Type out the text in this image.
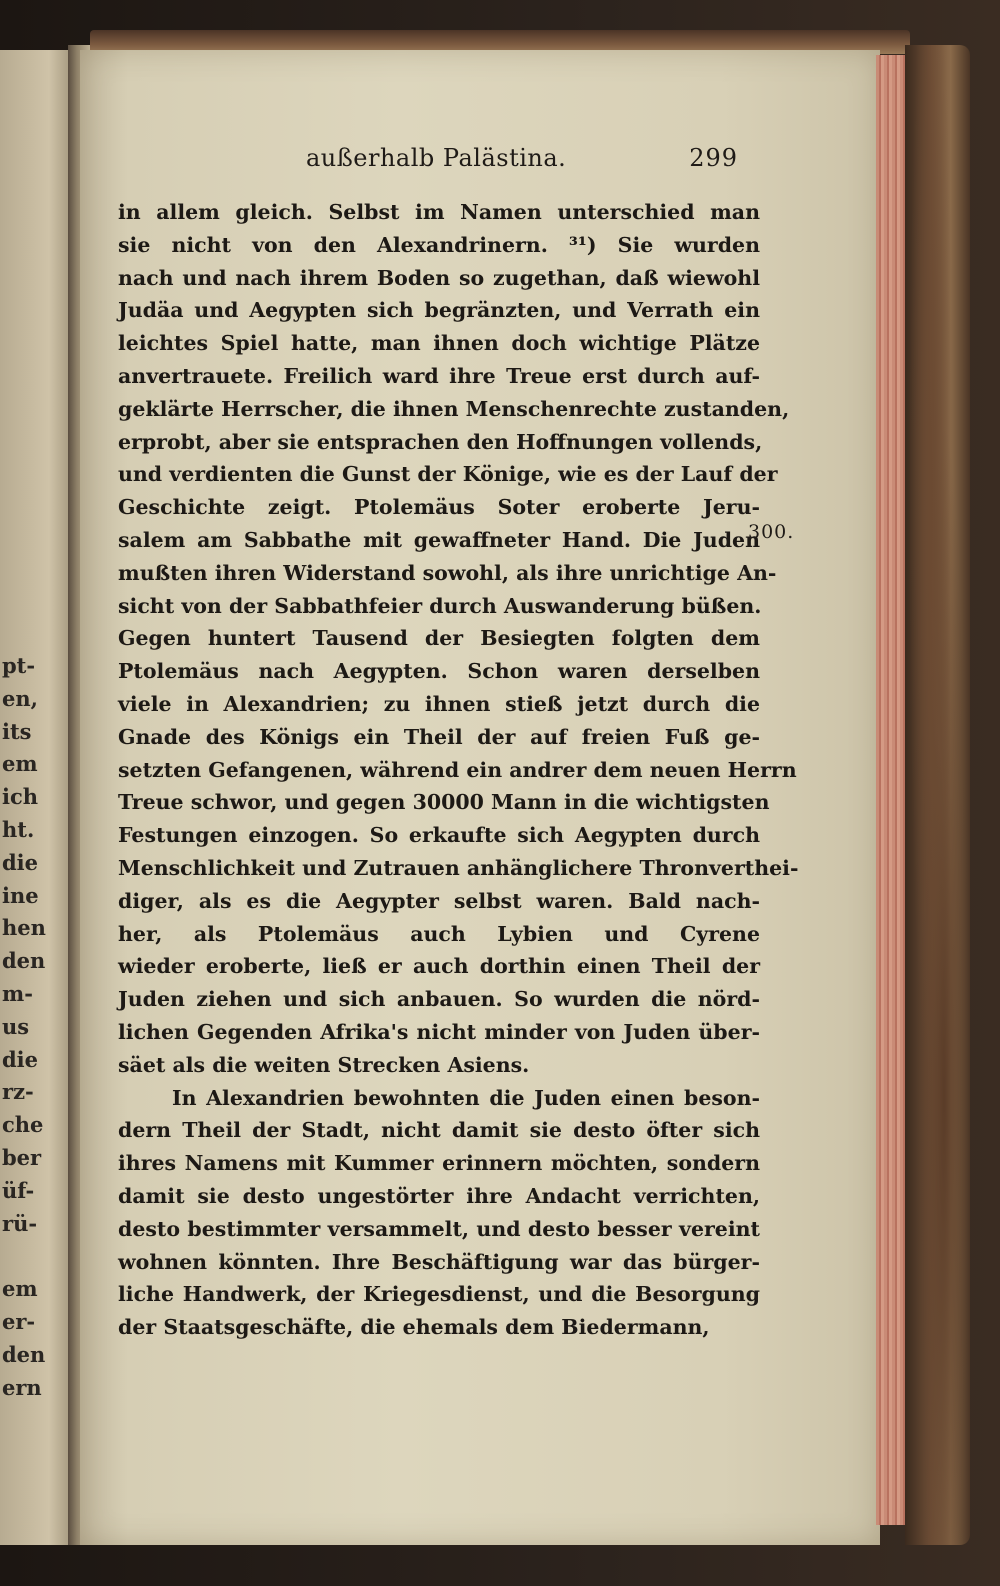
pt-
en,
its
em
ich
ht.
die
ine
hen
den
m-
us
die
rz-
che
ber
üf-
rü-
em
er-
den
ern
außerhalb Palästina.	299
in allem gleich. Selbst im Namen unterschied man
sie nicht von den Alexandrinern. ³¹) Sie wurden
nach und nach ihrem Boden so zugethan, daß wiewohl
Judäa und Aegypten sich begränzten, und Verrath ein
leichtes Spiel hatte, man ihnen doch wichtige Plätze
anvertrauete. Freilich ward ihre Treue erst durch auf-
geklärte Herrscher, die ihnen Menschenrechte zustanden,
erprobt, aber sie entsprachen den Hoffnungen vollends,
und verdienten die Gunst der Könige, wie es der Lauf der
Geschichte zeigt. Ptolemäus Soter eroberte Jeru-
salem am Sabbathe mit gewaffneter Hand. Die Juden
mußten ihren Widerstand sowohl, als ihre unrichtige An-
sicht von der Sabbathfeier durch Auswanderung büßen.
Gegen huntert Tausend der Besiegten folgten dem
Ptolemäus nach Aegypten. Schon waren derselben
viele in Alexandrien; zu ihnen stieß jetzt durch die
Gnade des Königs ein Theil der auf freien Fuß ge-
setzten Gefangenen, während ein andrer dem neuen Herrn
Treue schwor, und gegen 30000 Mann in die wichtigsten
Festungen einzogen. So erkaufte sich Aegypten durch
Menschlichkeit und Zutrauen anhänglichere Thronverthei-
diger, als es die Aegypter selbst waren. Bald nach-
her, als Ptolemäus auch Lybien und Cyrene
wieder eroberte, ließ er auch dorthin einen Theil der
Juden ziehen und sich anbauen. So wurden die nörd-
lichen Gegenden Afrika's nicht minder von Juden über-
säet als die weiten Strecken Asiens.
In Alexandrien bewohnten die Juden einen beson-
dern Theil der Stadt, nicht damit sie desto öfter sich
ihres Namens mit Kummer erinnern möchten, sondern
damit sie desto ungestörter ihre Andacht verrichten,
desto bestimmter versammelt, und desto besser vereint
wohnen könnten. Ihre Beschäftigung war das bürger-
liche Handwerk, der Kriegesdienst, und die Besorgung
der Staatsgeschäfte, die ehemals dem Biedermann,
300.
